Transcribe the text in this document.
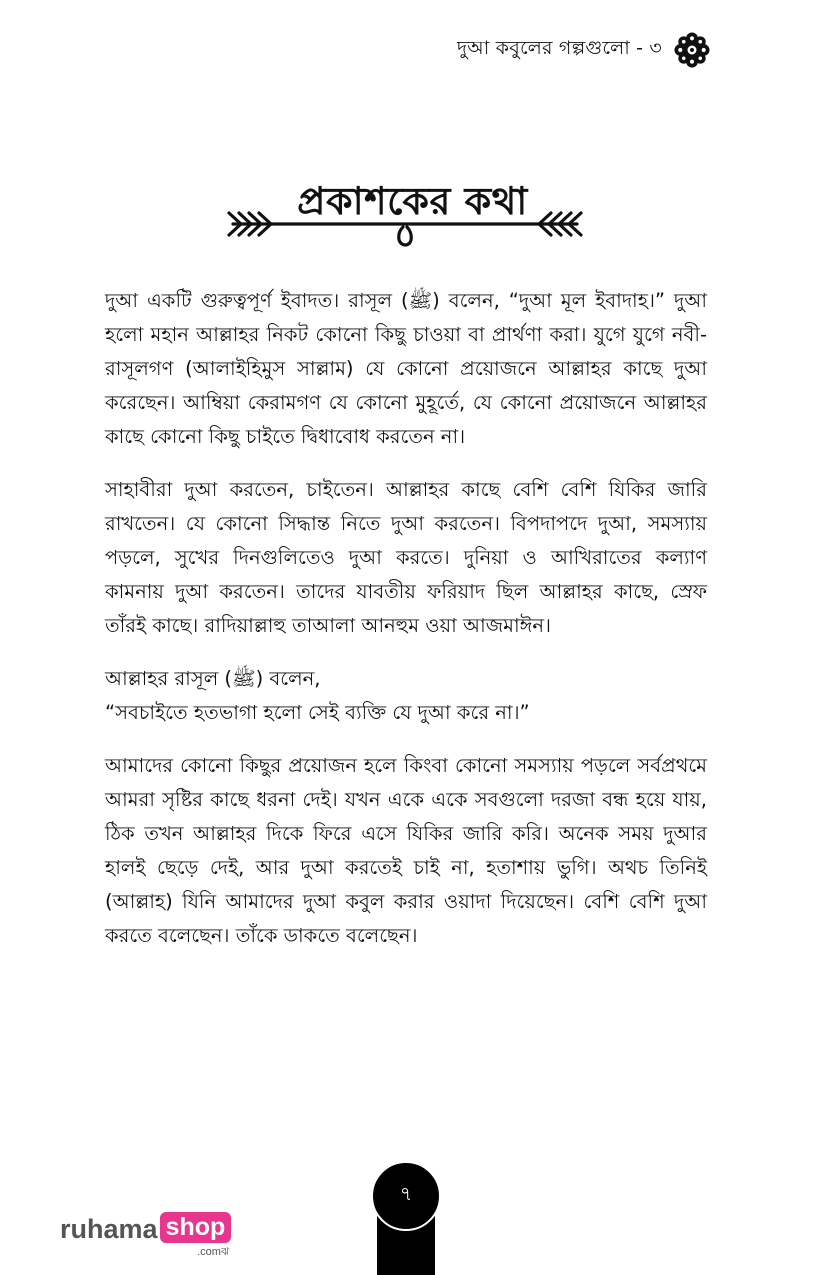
দুআ কবুলের গল্পগুলো - ৩
প্রকাশকের কথা

দুআ একটি গুরুত্বপূর্ণ ইবাদত। রাসূল (ﷺ) বলেন, “দুআ মূল ইবাদাহ।” দুআ হলো মহান আল্লাহর নিকট কোনো কিছু চাওয়া বা প্রার্থণা করা। যুগে যুগে নবী-রাসূলগণ (আলাইহিমুস সাল্লাম) যে কোনো প্রয়োজনে আল্লাহর কাছে দুআ করেছেন। আম্বিয়া কেরামগণ যে কোনো মুহূর্তে, যে কোনো প্রয়োজনে আল্লাহর কাছে কোনো কিছু চাইতে দ্বিধাবোধ করতেন না।

সাহাবীরা দুআ করতেন, চাইতেন। আল্লাহর কাছে বেশি বেশি যিকির জারি রাখতেন। যে কোনো সিদ্ধান্ত নিতে দুআ করতেন। বিপদাপদে দুআ, সমস্যায় পড়লে, সুখের দিনগুলিতেও দুআ করতে। দুনিয়া ও আখিরাতের কল্যাণ কামনায় দুআ করতেন। তাদের যাবতীয় ফরিয়াদ ছিল আল্লাহর কাছে, স্রেফ তাঁরই কাছে। রাদিয়াল্লাহু তাআলা আনহুম ওয়া আজমাঈন।

আল্লাহর রাসূল (ﷺ) বলেন,
“সবচাইতে হতভাগা হলো সেই ব্যক্তি যে দুআ করে না।”

আমাদের কোনো কিছুর প্রয়োজন হলে কিংবা কোনো সমস্যায় পড়লে সর্বপ্রথমে আমরা সৃষ্টির কাছে ধরনা দেই। যখন একে একে সবগুলো দরজা বন্ধ হয়ে যায়, ঠিক তখন আল্লাহর দিকে ফিরে এসে যিকির জারি করি। অনেক সময় দুআর হালই ছেড়ে দেই, আর দুআ করতেই চাই না, হতাশায় ভুগি। অথচ তিনিই (আল্লাহ) যিনি আমাদের দুআ কবুল করার ওয়াদা দিয়েছেন। বেশি বেশি দুআ করতে বলেছেন। তাঁকে ডাকতে বলেছেন।

৭
ruhama shop
.comঝ
